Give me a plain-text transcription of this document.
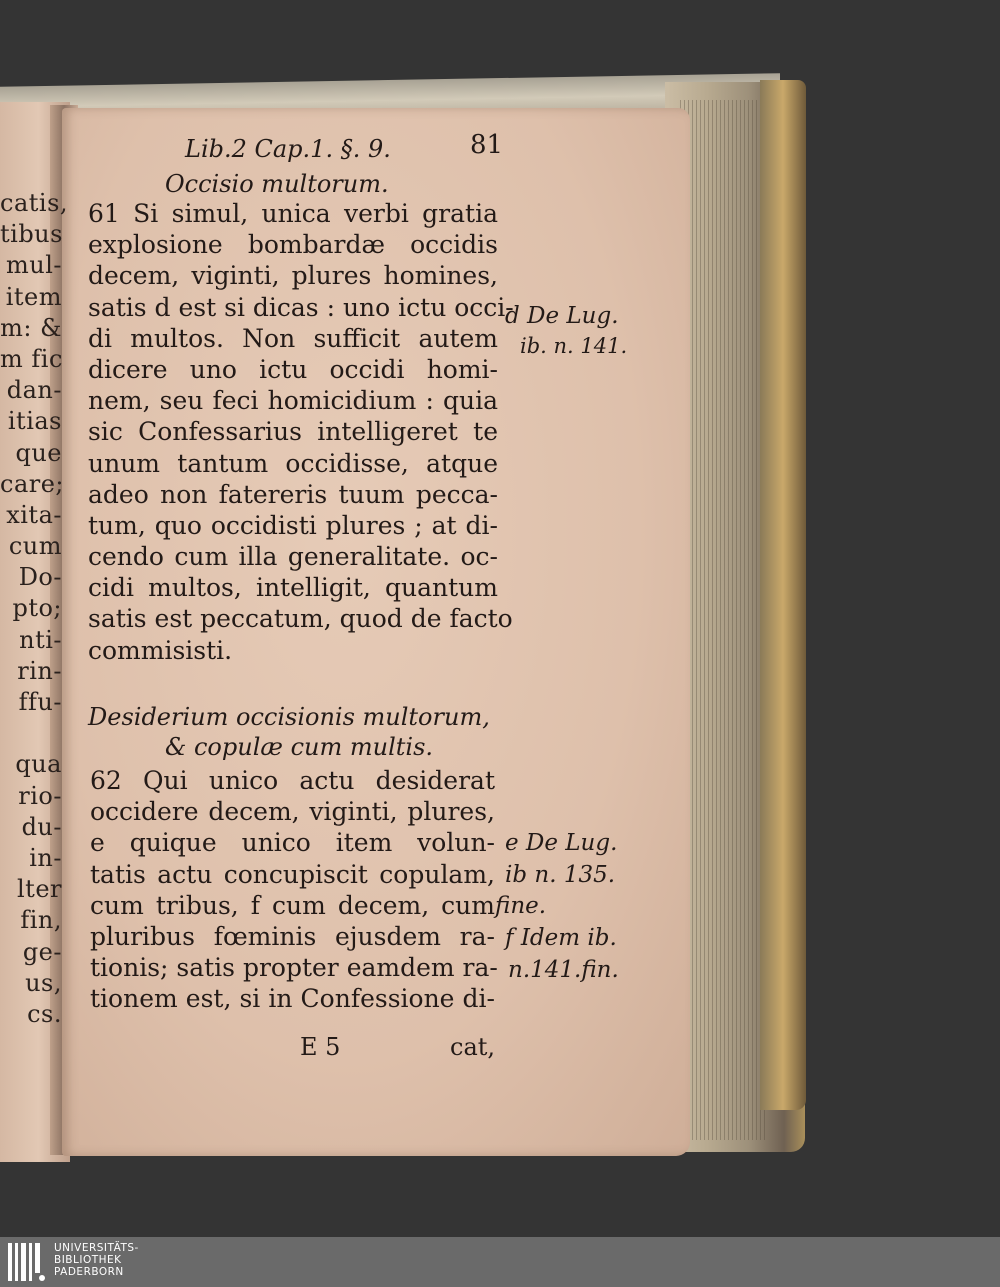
catis,
tibus
mul-
item
m: &
m fic
dan-
itias
que
care;
xita-
cum
Do-
pto;
nti-
rin-
ffu-
qua
rio-
du-
in-
lter
fin,
ge-
us,
cs.
Lib.2 Cap.1. §. 9.	81
Occisio multorum.
61 Si simul, unica verbi gratia
explosione bombardæ occidis
decem, viginti, plures homines,
satis d est si dicas : uno ictu occi-
di multos. Non sufficit autem
dicere uno ictu occidi homi-
nem, seu feci homicidium : quia
sic Confessarius intelligeret te
unum tantum occidisse, atque
adeo non fatereris tuum pecca-
tum, quo occidisti plures ; at di-
cendo cum illa generalitate. oc-
cidi multos, intelligit, quantum
satis est peccatum, quod de facto
commisisti.
Desiderium occisionis multorum,
& copulæ cum multis.
62 Qui unico actu desiderat
occidere decem, viginti, plures,
e quique unico item volun-
tatis actu concupiscit copulam,
cum tribus, f cum decem, cum
pluribus fœminis ejusdem ra-
tionis; satis propter eamdem ra-
tionem est, si in Confessione di-
E 5	cat,
d De Lug.
ib. n. 141.
e De Lug.
ib n. 135.
fine.
f Idem ib.
n.141.fin.
UNIVERSITÄTS-
BIBLIOTHEK
PADERBORN
